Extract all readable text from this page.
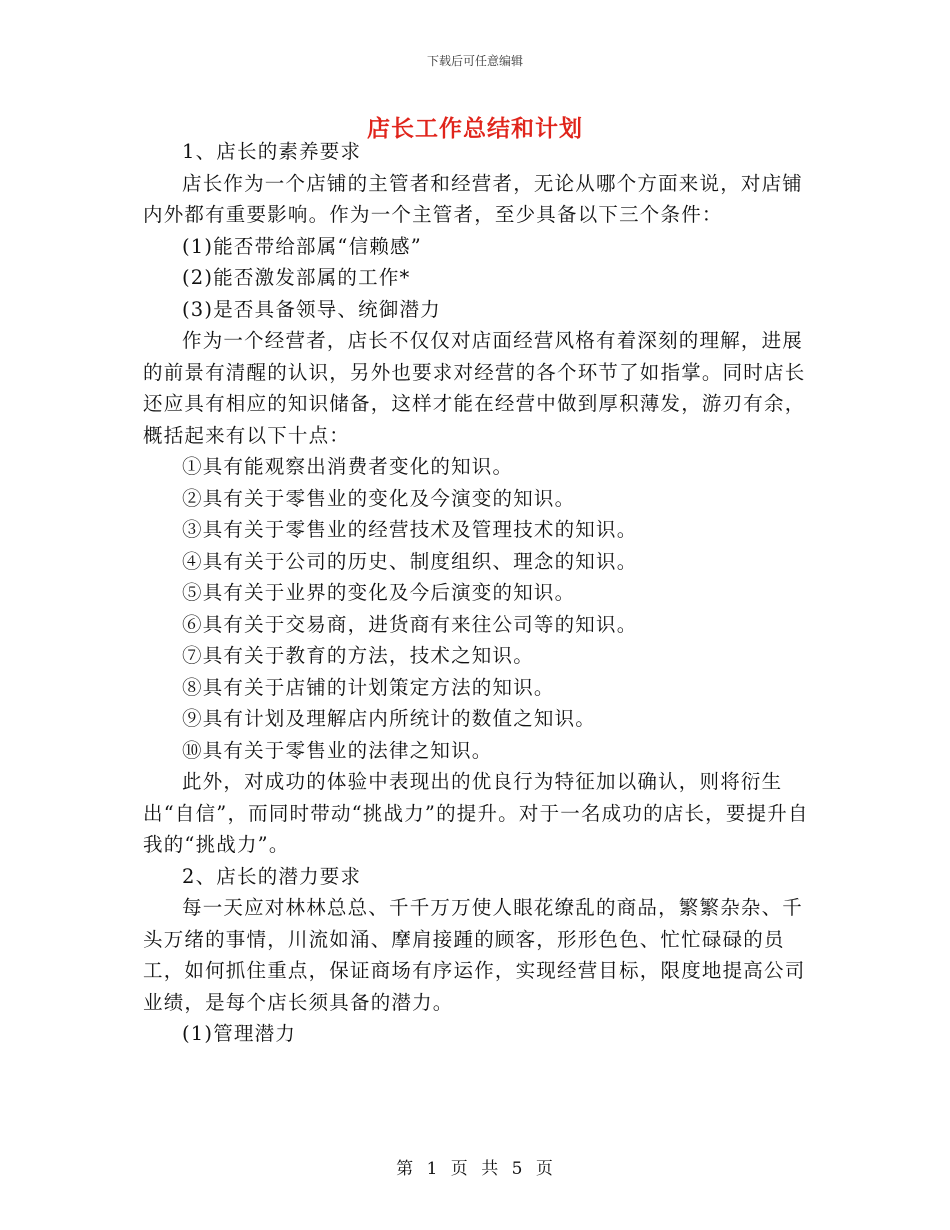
下载后可任意编辑
店长工作总结和计划

1、店长的素养要求

店长作为一个店铺的主管者和经营者，无论从哪个方面来说，对店铺内外都有重要影响。作为一个主管者，至少具备以下三个条件：

(1)能否带给部属“信赖感”

(2)能否激发部属的工作*

(3)是否具备领导、统御潜力

作为一个经营者，店长不仅仅对店面经营风格有着深刻的理解，进展的前景有清醒的认识，另外也要求对经营的各个环节了如指掌。同时店长还应具有相应的知识储备，这样才能在经营中做到厚积薄发，游刃有余，概括起来有以下十点：

①具有能观察出消费者变化的知识。

②具有关于零售业的变化及今演变的知识。

③具有关于零售业的经营技术及管理技术的知识。

④具有关于公司的历史、制度组织、理念的知识。

⑤具有关于业界的变化及今后演变的知识。

⑥具有关于交易商，进货商有来往公司等的知识。

⑦具有关于教育的方法，技术之知识。

⑧具有关于店铺的计划策定方法的知识。

⑨具有计划及理解店内所统计的数值之知识。

⑩具有关于零售业的法律之知识。

此外，对成功的体验中表现出的优良行为特征加以确认，则将衍生出“自信”，而同时带动“挑战力”的提升。对于一名成功的店长，要提升自我的“挑战力”。

2、店长的潜力要求

每一天应对林林总总、千千万万使人眼花缭乱的商品，繁繁杂杂、千头万绪的事情，川流如涌、摩肩接踵的顾客，形形色色、忙忙碌碌的员工，如何抓住重点，保证商场有序运作，实现经营目标，限度地提高公司业绩，是每个店长须具备的潜力。

(1)管理潜力

第 1 页 共 5 页
